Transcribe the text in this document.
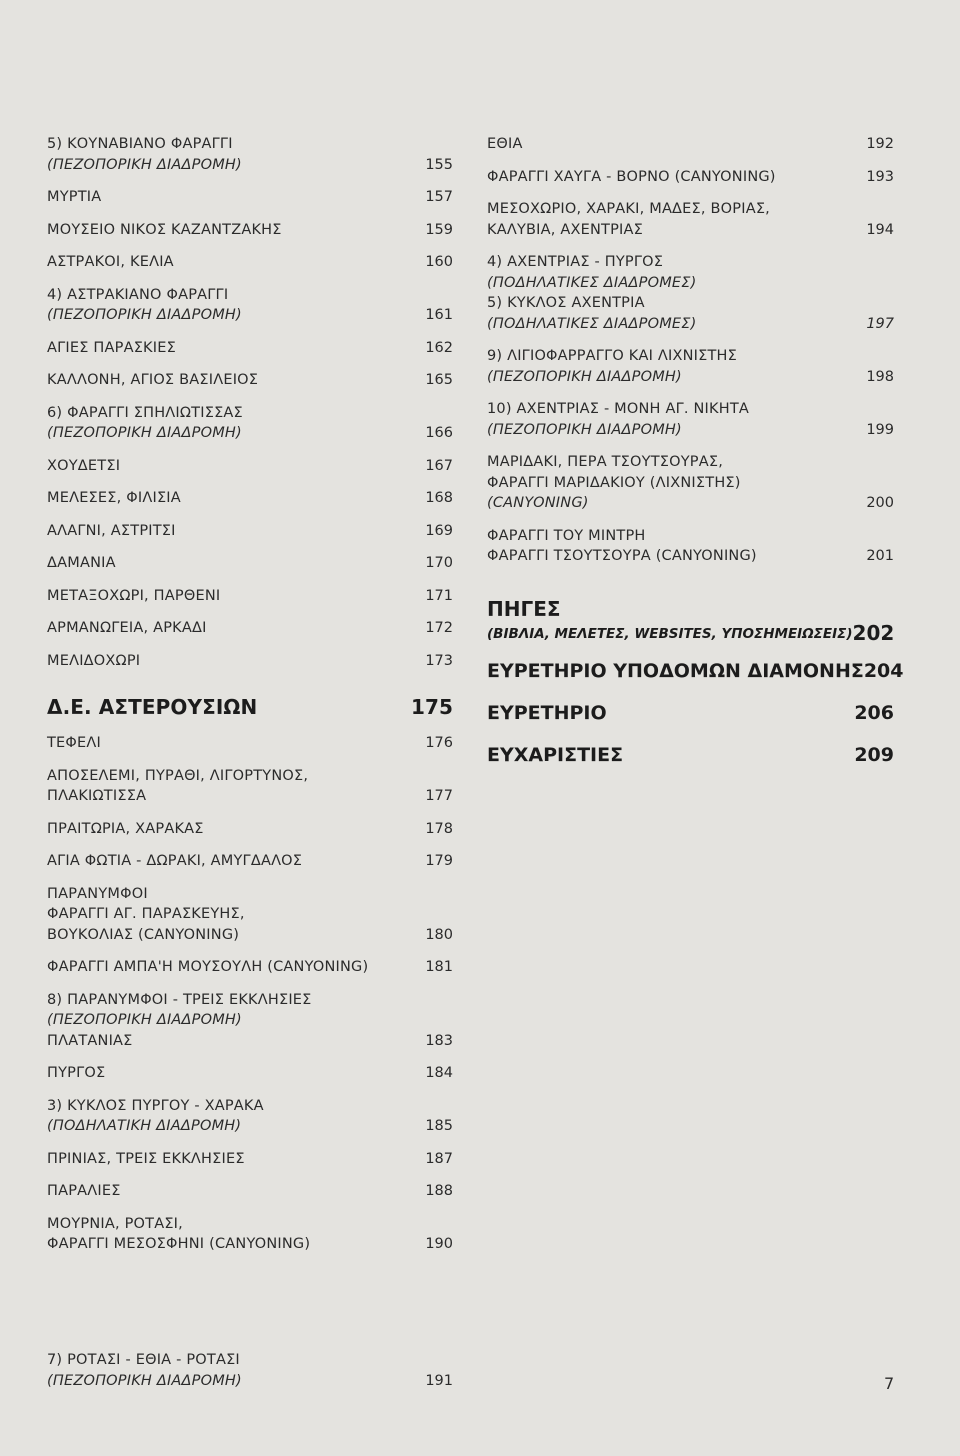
5) ΚΟΥΝΑΒΙΑΝΟ ΦΑΡΑΓΓΙ
(ΠΕΖΟΠΟΡΙΚΗ ΔΙΑΔΡΟΜΗ)	155
ΜΥΡΤΙΑ	157
ΜΟΥΣΕΙΟ ΝΙΚΟΣ ΚΑΖΑΝΤΖΑΚΗΣ	159
ΑΣΤΡΑΚΟΙ, ΚΕΛΙΑ	160
4) ΑΣΤΡΑΚΙΑΝΟ ΦΑΡΑΓΓΙ
(ΠΕΖΟΠΟΡΙΚΗ ΔΙΑΔΡΟΜΗ)	161
ΑΓΙΕΣ ΠΑΡΑΣΚΙΕΣ	162
ΚΑΛΛΟΝΗ, ΑΓΙΟΣ ΒΑΣΙΛΕΙΟΣ	165
6) ΦΑΡΑΓΓΙ ΣΠΗΛΙΩΤΙΣΣΑΣ
(ΠΕΖΟΠΟΡΙΚΗ ΔΙΑΔΡΟΜΗ)	166
ΧΟΥΔΕΤΣΙ	167
ΜΕΛΕΣΕΣ, ΦΙΛΙΣΙΑ	168
ΑΛΑΓΝΙ, ΑΣΤΡΙΤΣΙ	169
ΔΑΜΑΝΙΑ	170
ΜΕΤΑΞΟΧΩΡΙ, ΠΑΡΘΕΝΙ	171
ΑΡΜΑΝΩΓΕΙΑ, ΑΡΚΑΔΙ	172
ΜΕΛΙΔΟΧΩΡΙ	173
Δ.Ε. ΑΣΤΕΡΟΥΣΙΩΝ	175
ΤΕΦΕΛΙ	176
ΑΠΟΣΕΛΕΜΙ, ΠΥΡΑΘΙ, ΛΙΓΟΡΤΥΝΟΣ,
ΠΛΑΚΙΩΤΙΣΣΑ	177
ΠΡΑΙΤΩΡΙΑ, ΧΑΡΑΚΑΣ	178
ΑΓΙΑ ΦΩΤΙΑ - ΔΩΡΑΚΙ, ΑΜΥΓΔΑΛΟΣ	179
ΠΑΡΑΝΥΜΦΟΙ
ΦΑΡΑΓΓΙ ΑΓ. ΠΑΡΑΣΚΕΥΗΣ,
ΒΟΥΚΟΛΙΑΣ (CANYONING)	180
ΦΑΡΑΓΓΙ ΑΜΠΑ'Η ΜΟΥΣΟΥΛΗ (CANYONING)	181
8) ΠΑΡΑΝΥΜΦΟΙ - ΤΡΕΙΣ ΕΚΚΛΗΣΙΕΣ
(ΠΕΖΟΠΟΡΙΚΗ ΔΙΑΔΡΟΜΗ)
ΠΛΑΤΑΝΙΑΣ	183
ΠΥΡΓΟΣ	184
3) ΚΥΚΛΟΣ ΠΥΡΓΟΥ - ΧΑΡΑΚΑ
(ΠΟΔΗΛΑΤΙΚΗ ΔΙΑΔΡΟΜΗ)	185
ΠΡΙΝΙΑΣ, ΤΡΕΙΣ ΕΚΚΛΗΣΙΕΣ	187
ΠΑΡΑΛΙΕΣ	188
ΜΟΥΡΝΙΑ, ΡΟΤΑΣΙ,
ΦΑΡΑΓΓΙ ΜΕΣΟΣΦΗΝΙ (CANYONING)	190
7) ΡΟΤΑΣΙ - ΕΘΙΑ - ΡΟΤΑΣΙ
(ΠΕΖΟΠΟΡΙΚΗ ΔΙΑΔΡΟΜΗ)	191
ΕΘΙΑ	192
ΦΑΡΑΓΓΙ ΧΑΥΓΑ - ΒΟΡΝΟ (CANYONING)	193
ΜΕΣΟΧΩΡΙΟ, ΧΑΡΑΚΙ, ΜΑΔΕΣ, ΒΟΡΙΑΣ,
ΚΑΛΥΒΙΑ, ΑΧΕΝΤΡΙΑΣ	194
4) ΑΧΕΝΤΡΙΑΣ - ΠΥΡΓΟΣ
(ΠΟΔΗΛΑΤΙΚΕΣ ΔΙΑΔΡΟΜΕΣ)
5) ΚΥΚΛΟΣ ΑΧΕΝΤΡΙΑ
(ΠΟΔΗΛΑΤΙΚΕΣ ΔΙΑΔΡΟΜΕΣ)	197
9) ΛΙΓΙΟΦΑΡΡΑΓΓΟ ΚΑΙ ΛΙΧΝΙΣΤΗΣ
(ΠΕΖΟΠΟΡΙΚΗ ΔΙΑΔΡΟΜΗ)	198
10) ΑΧΕΝΤΡΙΑΣ - ΜΟΝΗ ΑΓ. ΝΙΚΗΤΑ
(ΠΕΖΟΠΟΡΙΚΗ ΔΙΑΔΡΟΜΗ)	199
ΜΑΡΙΔΑΚΙ, ΠΕΡΑ ΤΣΟΥΤΣΟΥΡΑΣ,
ΦΑΡΑΓΓΙ ΜΑΡΙΔΑΚΙΟΥ (ΛΙΧΝΙΣΤΗΣ)
(CANYONING)	200
ΦΑΡΑΓΓΙ ΤΟΥ ΜΙΝΤΡΗ
ΦΑΡΑΓΓΙ ΤΣΟΥΤΣΟΥΡΑ (CANYONING)	201
ΠΗΓΕΣ
(ΒΙΒΛΙΑ, ΜΕΛΕΤΕΣ, WEBSITES, ΥΠΟΣΗΜΕΙΩΣΕΙΣ) 202
ΕΥΡΕΤΗΡΙΟ ΥΠΟΔΟΜΩΝ ΔΙΑΜΟΝΗΣ 204
ΕΥΡΕΤΗΡΙΟ	206
ΕΥΧΑΡΙΣΤΙΕΣ	209
7
